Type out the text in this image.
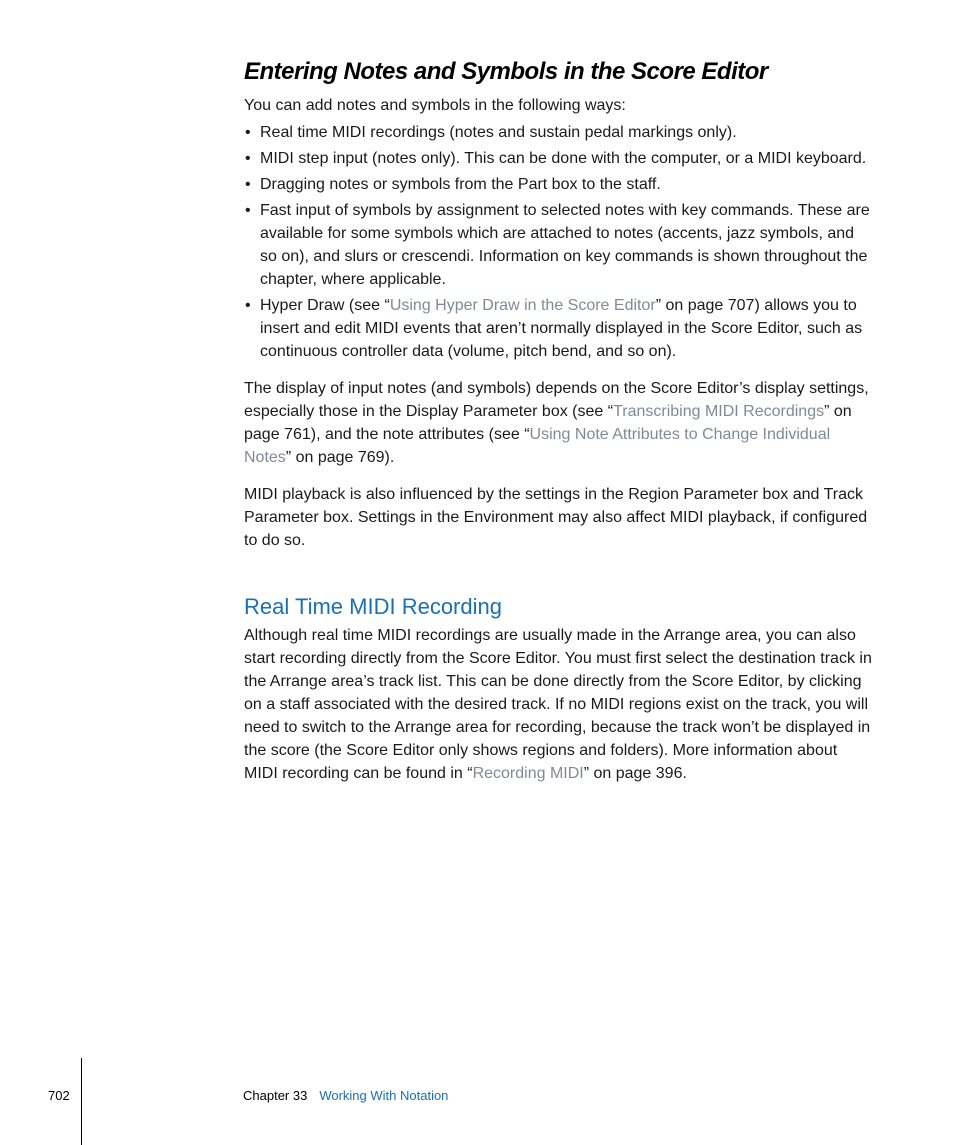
Entering Notes and Symbols in the Score Editor

You can add notes and symbols in the following ways:

• Real time MIDI recordings (notes and sustain pedal markings only).
• MIDI step input (notes only). This can be done with the computer, or a MIDI keyboard.
• Dragging notes or symbols from the Part box to the staff.
• Fast input of symbols by assignment to selected notes with key commands. These are available for some symbols which are attached to notes (accents, jazz symbols, and so on), and slurs or crescendi. Information on key commands is shown throughout the chapter, where applicable.
• Hyper Draw (see “Using Hyper Draw in the Score Editor” on page 707) allows you to insert and edit MIDI events that aren’t normally displayed in the Score Editor, such as continuous controller data (volume, pitch bend, and so on).

The display of input notes (and symbols) depends on the Score Editor’s display settings, especially those in the Display Parameter box (see “Transcribing MIDI Recordings” on page 761), and the note attributes (see “Using Note Attributes to Change Individual Notes” on page 769).

MIDI playback is also influenced by the settings in the Region Parameter box and Track Parameter box. Settings in the Environment may also affect MIDI playback, if configured to do so.

Real Time MIDI Recording

Although real time MIDI recordings are usually made in the Arrange area, you can also start recording directly from the Score Editor. You must first select the destination track in the Arrange area’s track list. This can be done directly from the Score Editor, by clicking on a staff associated with the desired track. If no MIDI regions exist on the track, you will need to switch to the Arrange area for recording, because the track won’t be displayed in the score (the Score Editor only shows regions and folders). More information about MIDI recording can be found in “Recording MIDI” on page 396.

702	Chapter 33 Working With Notation
